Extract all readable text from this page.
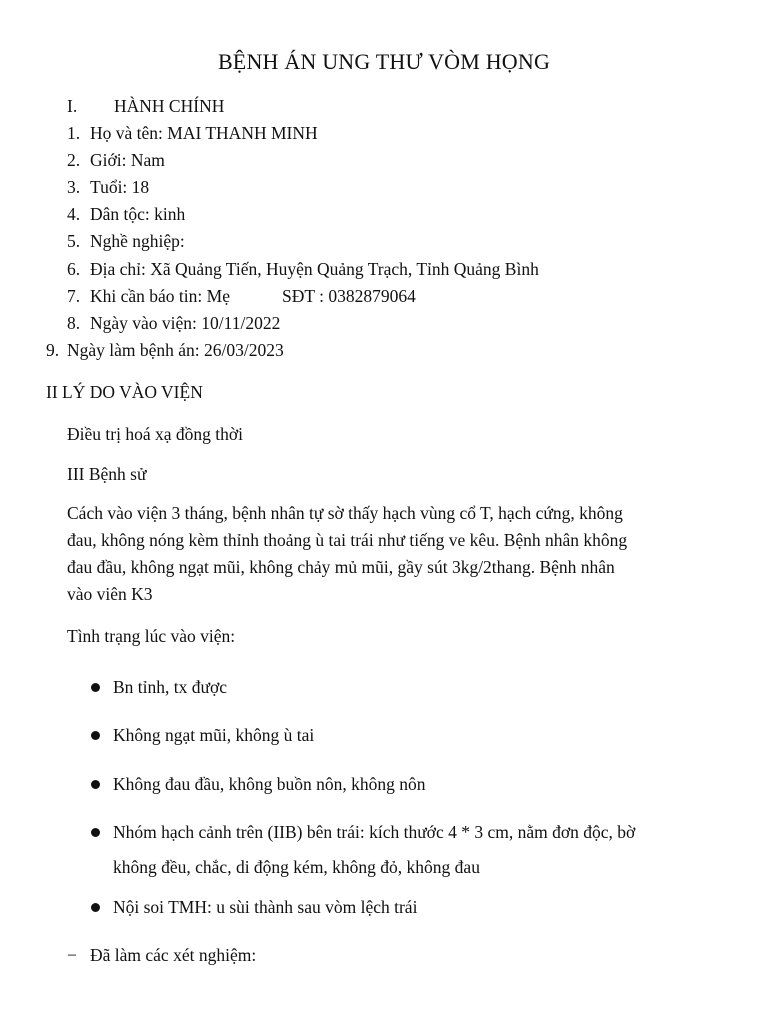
BỆNH ÁN UNG THƯ VÒM HỌNG
I. HÀNH CHÍNH
1. Họ và tên: MAI THANH MINH
2. Giới: Nam
3. Tuổi: 18
4. Dân tộc: kinh
5. Nghề nghiệp:
6. Địa chỉ: Xã Quảng Tiến, Huyện Quảng Trạch, Tỉnh Quảng Bình
7. Khi cần báo tin: Mẹ	SĐT : 0382879064
8. Ngày vào viện: 10/11/2022
9. Ngày làm bệnh án: 26/03/2023
II LÝ DO VÀO VIỆN
Điều trị hoá xạ đồng thời
III Bệnh sử
Cách vào viện 3 tháng, bệnh nhân tự sờ thấy hạch vùng cổ T, hạch cứng, không
đau, không nóng kèm thỉnh thoảng ù tai trái như tiếng ve kêu. Bệnh nhân không
đau đầu, không ngạt mũi, không chảy mủ mũi, gầy sút 3kg/2thang. Bệnh nhân
vào viên K3
Tình trạng lúc vào viện:
Bn tỉnh, tx được
Không ngạt mũi, không ù tai
Không đau đầu, không buồn nôn, không nôn
Nhóm hạch cảnh trên (IIB) bên trái: kích thước 4 * 3 cm, nằm đơn độc, bờ
không đều, chắc, di động kém, không đỏ, không đau
Nội soi TMH: u sùi thành sau vòm lệch trái
− Đã làm các xét nghiệm:
